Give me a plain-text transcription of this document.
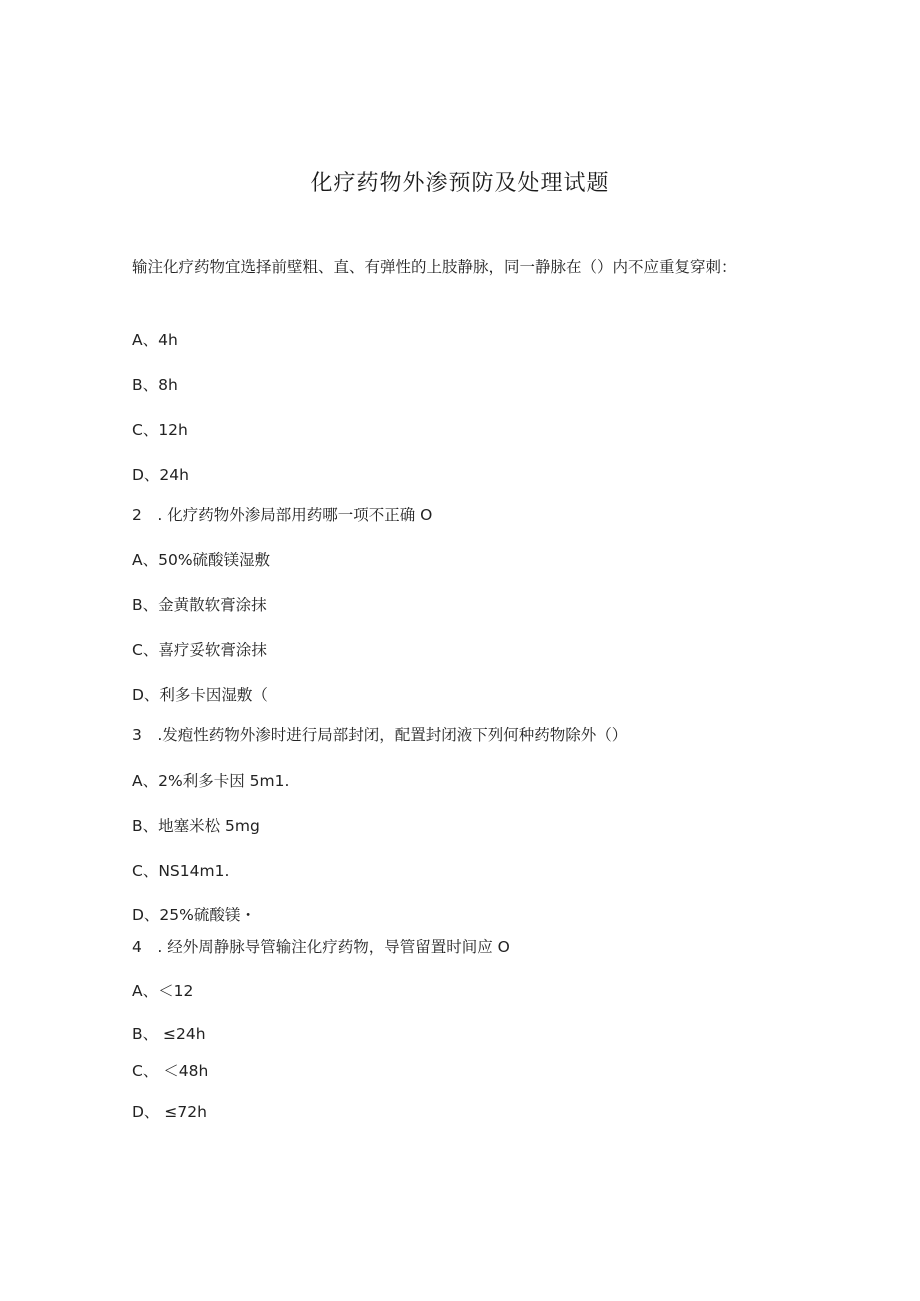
化疗药物外渗预防及处理试题
输注化疗药物宜选择前壁粗、直、有弹性的上肢静脉，同一静脉在（）内不应重复穿刺：
A、4h
B、8h
C、12h
D、24h
2　. 化疗药物外渗局部用药哪一项不正确 O
A、50%硫酸镁湿敷
B、金黄散软膏涂抹
C、喜疗妥软膏涂抹
D、利多卡因湿敷（
3　.发疱性药物外渗时进行局部封闭，配置封闭液下列何种药物除外（）
A、2%利多卡因 5m1.
B、地塞米松 5mg
C、NS14m1.
D、25%硫酸镁・
4　. 经外周静脉导管输注化疗药物，导管留置时间应 O
A、＜12
B、 ≤24h
C、 ＜48h
D、 ≤72h
